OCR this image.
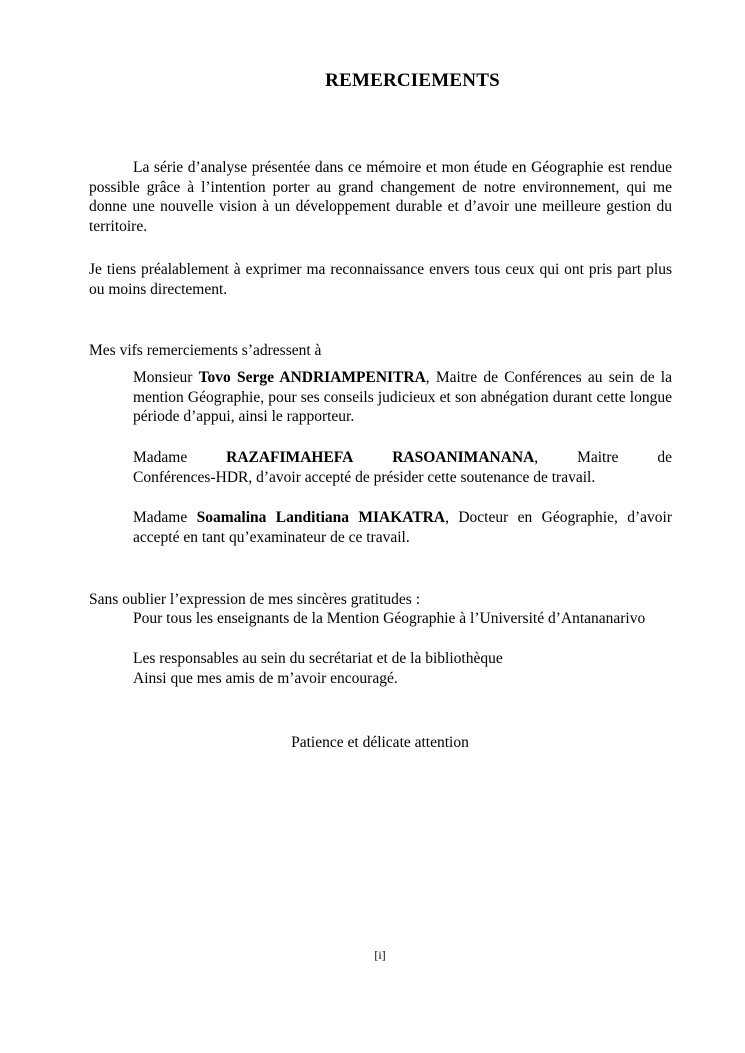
REMERCIEMENTS

La série d’analyse présentée dans ce mémoire et mon étude en Géographie est rendue possible grâce à l’intention porter au grand changement de notre environnement, qui me donne une nouvelle vision à un développement durable et d’avoir une meilleure gestion du territoire.

Je tiens préalablement à exprimer ma reconnaissance envers tous ceux qui ont pris part plus ou moins directement.

Mes vifs remerciements s’adressent à

Monsieur Tovo Serge ANDRIAMPENITRA, Maitre de Conférences au sein de la mention Géographie, pour ses conseils judicieux et son abnégation durant cette longue période d’appui, ainsi le rapporteur.

Madame	RAZAFIMAHEFA	RASOANIMANANA,	Maitre	de

Conférences-HDR, d’avoir accepté de présider cette soutenance de travail.

Madame Soamalina Landitiana MIAKATRA, Docteur en Géographie, d’avoir accepté en tant qu’examinateur de ce travail.

Sans oublier l’expression de mes sincères gratitudes :

Pour tous les enseignants de la Mention Géographie à l’Université d’Antananarivo

Les responsables au sein du secrétariat et de la bibliothèque

Ainsi que mes amis de m’avoir encouragé.

Patience et délicate attention
[i]
